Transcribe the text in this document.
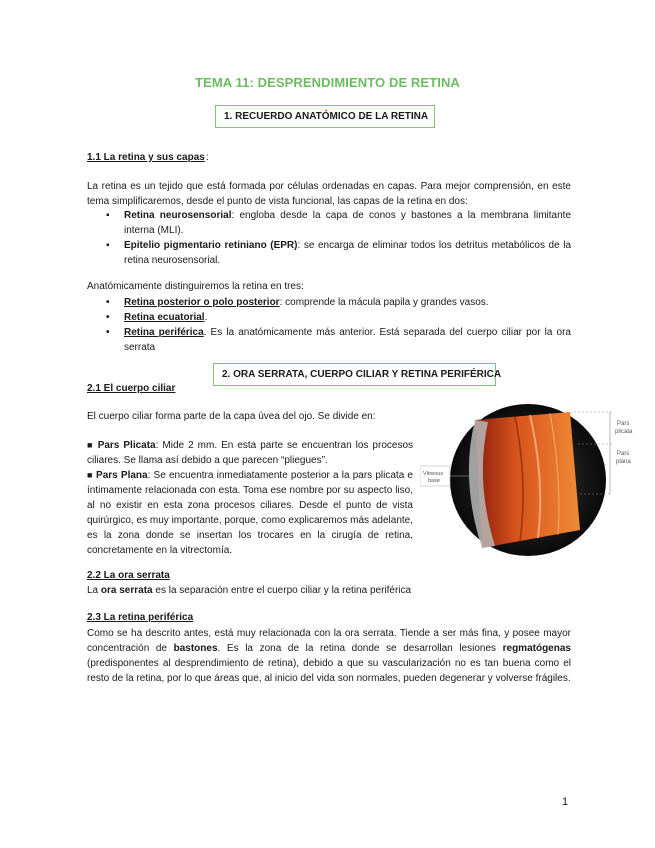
TEMA 11: DESPRENDIMIENTO DE RETINA
1. RECUERDO ANATÓMICO DE LA RETINA
1.1 La retina y sus capas :
La retina es un tejido que está formada por células ordenadas en capas. Para mejor comprensión, en este tema simplificaremos, desde el punto de vista funcional, las capas de la retina en dos:
▪ Retina neurosensorial: engloba desde la capa de conos y bastones a la membrana limitante interna (MLI).
▪ Epitelio pigmentario retiniano (EPR): se encarga de eliminar todos los detritus metabólicos de la retina neurosensorial.
Anatómicamente distinguiremos la retina en tres:
• Retina posterior o polo posterior: comprende la mácula papila y grandes vasos.
• Retina ecuatorial.
• Retina periférica. Es la anatómicamente más anterior. Está separada del cuerpo ciliar por la ora serrata
2. ORA SERRATA, CUERPO CILIAR Y RETINA PERIFÉRICA
2.1 El cuerpo ciliar
El cuerpo ciliar forma parte de la capa úvea del ojo. Se divide en:
■ Pars Plicata: Mide 2 mm. En esta parte se encuentran los procesos ciliares. Se llama así debido a que parecen “pliegues”.
■ Pars Plana: Se encuentra inmediatamente posterior a la pars plicata e íntimamente relacionada con esta. Toma ese nombre por su aspecto liso, al no existir en esta zona procesos ciliares. Desde el punto de vista quirúrgico, es muy importante, porque, como explicaremos más adelante, es la zona donde se insertan los trocares en la cirugía de retina, concretamente en la vitrectomía.
Pars
plicata
Pars
plana
Vitreous
base
2.2 La ora serrata
La ora serrata es la separación entre el cuerpo ciliar y la retina periférica
2.3 La retina periférica
Como se ha descrito antes, está muy relacionada con la ora serrata. Tiende a ser más fina, y posee mayor concentración de bastones. Es la zona de la retina donde se desarrollan lesiones regmatógenas (predisponentes al desprendimiento de retina), debido a que su vascularización no es tan buena como el resto de la retina, por lo que áreas que, al inicio del vida son normales, pueden degenerar y volverse frágiles.
1
